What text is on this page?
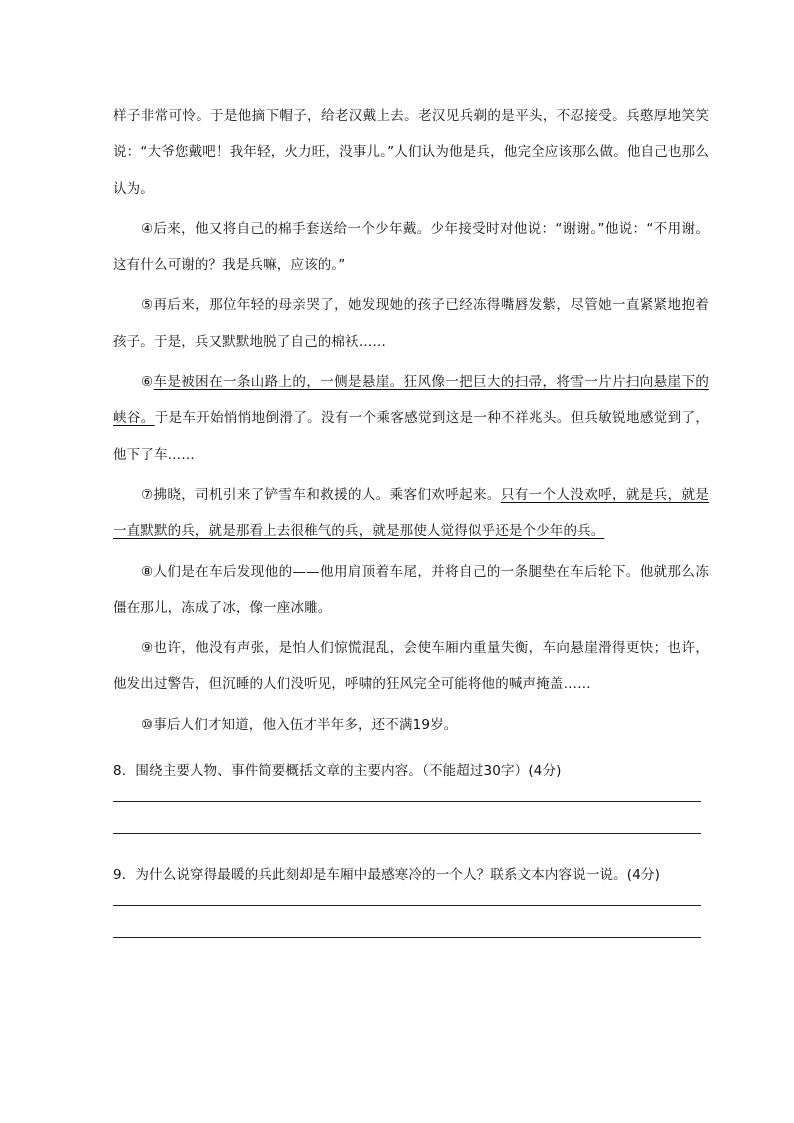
样子非常可怜。于是他摘下帽子，给老汉戴上去。老汉见兵剃的是平头，不忍接受。兵憨厚地笑笑说：“大爷您戴吧！我年轻，火力旺，没事儿。”人们认为他是兵，他完全应该那么做。他自己也那么认为。

④后来，他又将自己的棉手套送给一个少年戴。少年接受时对他说：“谢谢。”他说：“不用谢。这有什么可谢的？我是兵嘛，应该的。”

⑤再后来，那位年轻的母亲哭了，她发现她的孩子已经冻得嘴唇发紫，尽管她一直紧紧地抱着孩子。于是，兵又默默地脱了自己的棉袄……

⑥车是被困在一条山路上的，一侧是悬崖。狂风像一把巨大的扫帚，将雪一片片扫向悬崖下的峡谷。于是车开始悄悄地倒滑了。没有一个乘客感觉到这是一种不祥兆头。但兵敏锐地感觉到了，他下了车……

⑦拂晓，司机引来了铲雪车和救援的人。乘客们欢呼起来。只有一个人没欢呼，就是兵，就是一直默默的兵，就是那看上去很稚气的兵，就是那使人觉得似乎还是个少年的兵。

⑧人们是在车后发现他的——他用肩顶着车尾，并将自己的一条腿垫在车后轮下。他就那么冻僵在那儿，冻成了冰，像一座冰雕。

⑨也许，他没有声张，是怕人们惊慌混乱，会使车厢内重量失衡，车向悬崖滑得更快；也许，他发出过警告，但沉睡的人们没听见，呼啸的狂风完全可能将他的喊声掩盖……

⑩事后人们才知道，他入伍才半年多，还不满19岁。

8．围绕主要人物、事件简要概括文章的主要内容。（不能超过30字）(4分)

9．为什么说穿得最暖的兵此刻却是车厢中最感寒冷的一个人？联系文本内容说一说。(4分)
